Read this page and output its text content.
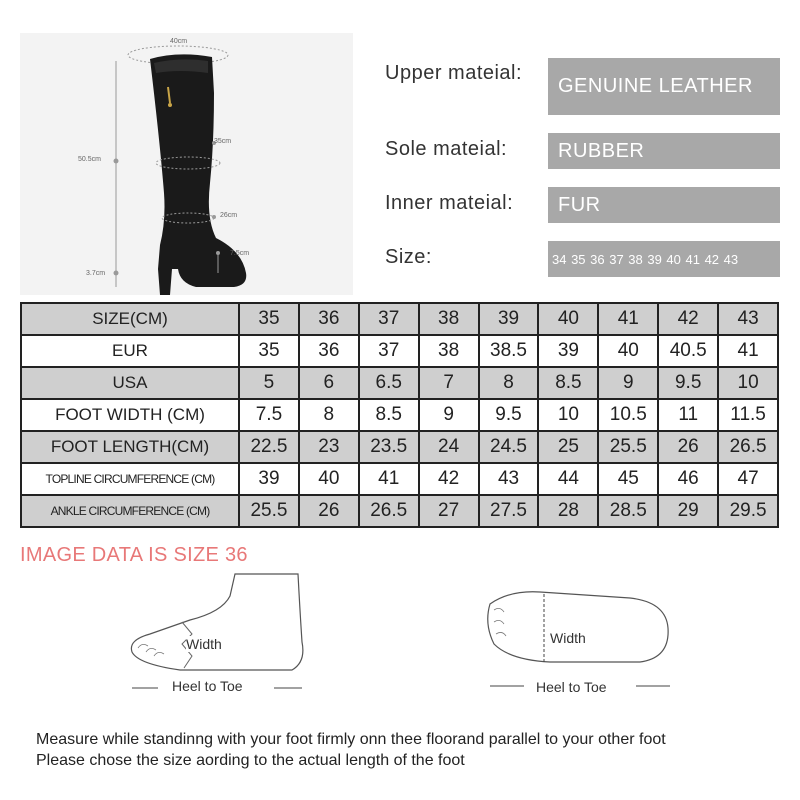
40cm
35cm
26cm
7.5cm
50.5cm
3.7cm
Upper mateial:
GENUINE LEATHER
Sole mateial:	RUBBER
Inner mateial:	FUR
Size:	34 35 36 37 38 39 40 41 42 43
SIZE(CM)	35	36	37	38	39	40	41	42	43
EUR	35	36	37	38	38.5	39	40	40.5	41
USA	5	6	6.5	7	8	8.5	9	9.5	10
FOOT WIDTH (CM)	7.5	8	8.5	9	9.5	10	10.5	11	11.5
FOOT LENGTH(CM)	22.5	23	23.5	24	24.5	25	25.5	26	26.5
TOPLINE CIRCUMFERENCE (CM)	39	40	41	42	43	44	45	46	47
ANKLE CIRCUMFERENCE (CM)	25.5	26	26.5	27	27.5	28	28.5	29	29.5
IMAGE DATA IS SIZE 36
Width
Heel to Toe
Width
Heel to Toe
Measure while standinng with your foot firmly onn thee floorand parallel to your other foot
Please chose the size aording to the actual length of the foot
